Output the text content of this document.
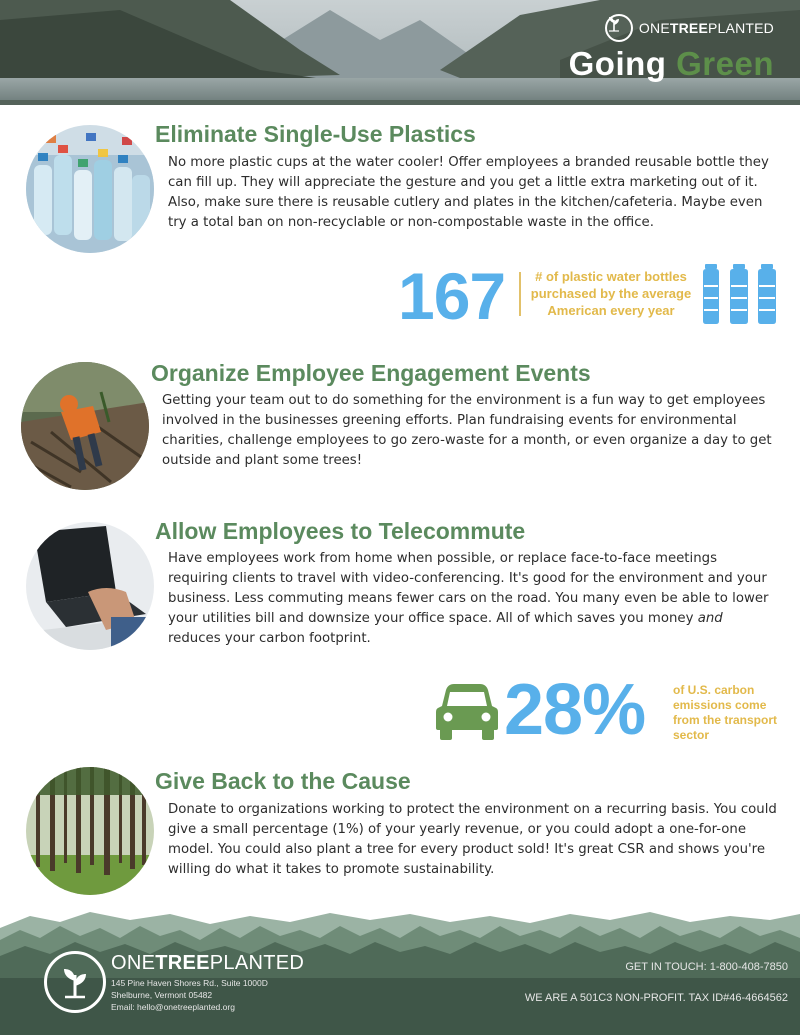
ONETREEPLANTED
Going Green
Eliminate Single-Use Plastics
No more plastic cups at the water cooler! Offer employees a branded reusable bottle they can fill up. They will appreciate the gesture and you get a little extra marketing out of it. Also, make sure there is reusable cutlery and plates in the kitchen/cafeteria. Maybe even try a total ban on non-recyclable or non-compostable waste in the office.
167	# of plastic water bottles purchased by the average American every year
Organize Employee Engagement Events
Getting your team out to do something for the environment is a fun way to get employees involved in the businesses greening efforts. Plan fundraising events for environmental charities, challenge employees to go zero-waste for a month, or even organize a day to get outside and plant some trees!
Allow Employees to Telecommute
Have employees work from home when possible, or replace face-to-face meetings requiring clients to travel with video-conferencing. It's good for the environment and your business. Less commuting means fewer cars on the road. You many even be able to lower your utilities bill and downsize your office space. All of which saves you money and reduces your carbon footprint.
28% of U.S. carbon emissions come from the transport sector
Give Back to the Cause
Donate to organizations working to protect the environment on a recurring basis. You could give a small percentage (1%) of your yearly revenue, or you could adopt a one-for-one model. You could also plant a tree for every product sold! It's great CSR and shows you're willing do what it takes to promote sustainability.
ONETREEPLANTED
145 Pine Haven Shores Rd., Suite 1000D
Shelburne, Vermont 05482
Email: hello@onetreeplanted.org
GET IN TOUCH: 1-800-408-7850
WE ARE A 501C3 NON-PROFIT. TAX ID#46-4664562
